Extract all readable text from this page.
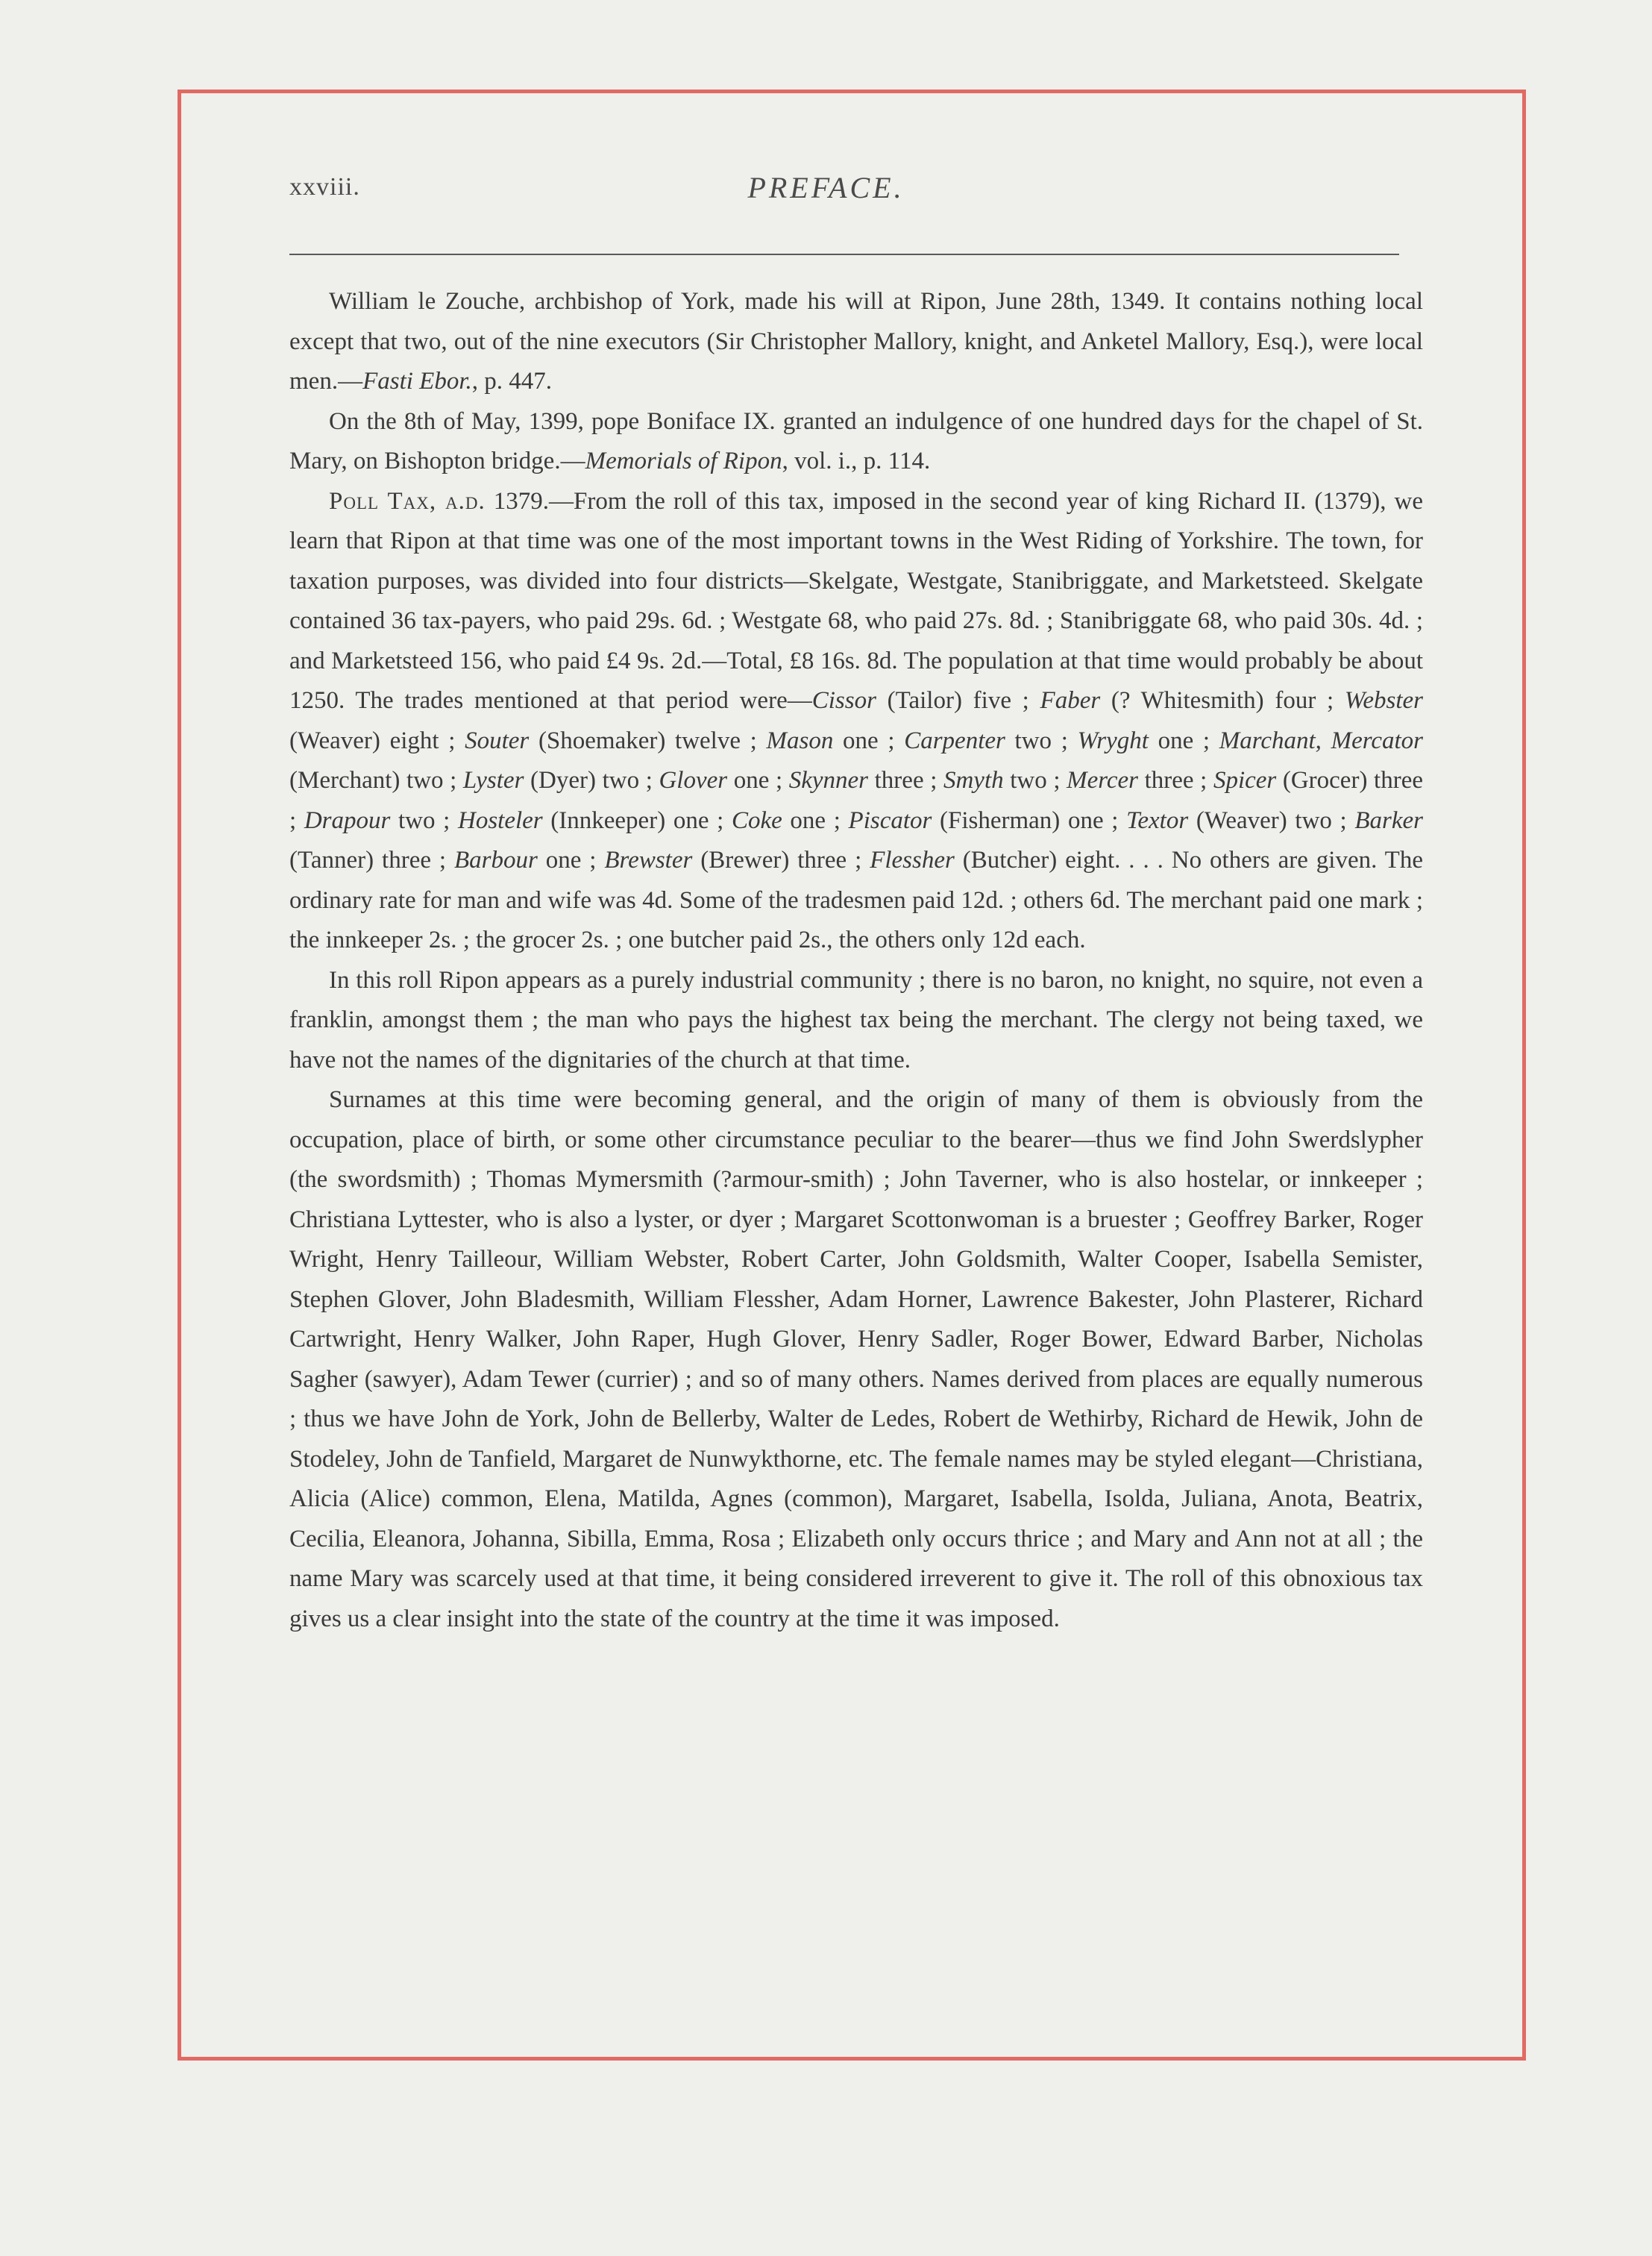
xxviii.	PREFACE.

William le Zouche, archbishop of York, made his will at Ripon, June 28th, 1349. It contains nothing local except that two, out of the nine executors (Sir Christopher Mallory, knight, and Anketel Mallory, Esq.), were local men.—Fasti Ebor., p. 447.

On the 8th of May, 1399, pope Boniface IX. granted an indulgence of one hundred days for the chapel of St. Mary, on Bishopton bridge.—Memorials of Ripon, vol. i., p. 114.

Poll Tax, a.d. 1379.—From the roll of this tax, imposed in the second year of king Richard II. (1379), we learn that Ripon at that time was one of the most important towns in the West Riding of Yorkshire. The town, for taxation purposes, was divided into four districts—Skelgate, Westgate, Stanibriggate, and Marketsteed. Skelgate contained 36 tax-payers, who paid 29s. 6d. ; Westgate 68, who paid 27s. 8d. ; Stanibriggate 68, who paid 30s. 4d. ; and Marketsteed 156, who paid £4 9s. 2d.—Total, £8 16s. 8d. The population at that time would probably be about 1250. The trades mentioned at that period were—Cissor (Tailor) five ; Faber (? Whitesmith) four ; Webster (Weaver) eight ; Souter (Shoemaker) twelve ; Mason one ; Carpenter two ; Wryght one ; Marchant, Mercator (Merchant) two ; Lyster (Dyer) two ; Glover one ; Skynner three ; Smyth two ; Mercer three ; Spicer (Grocer) three ; Drapour two ; Hosteler (Innkeeper) one ; Coke one ; Piscator (Fisherman) one ; Textor (Weaver) two ; Barker (Tanner) three ; Barbour one ; Brewster (Brewer) three ; Flessher (Butcher) eight. . . . No others are given. The ordinary rate for man and wife was 4d. Some of the tradesmen paid 12d. ; others 6d. The merchant paid one mark ; the innkeeper 2s. ; the grocer 2s. ; one butcher paid 2s., the others only 12d each.

In this roll Ripon appears as a purely industrial community ; there is no baron, no knight, no squire, not even a franklin, amongst them ; the man who pays the highest tax being the merchant. The clergy not being taxed, we have not the names of the dignitaries of the church at that time.

Surnames at this time were becoming general, and the origin of many of them is obviously from the occupation, place of birth, or some other circumstance peculiar to the bearer—thus we find John Swerdslypher (the swordsmith) ; Thomas Mymersmith (?armour-smith) ; John Taverner, who is also hostelar, or innkeeper ; Christiana Lyttester, who is also a lyster, or dyer ; Margaret Scottonwoman is a bruester ; Geoffrey Barker, Roger Wright, Henry Tailleour, William Webster, Robert Carter, John Goldsmith, Walter Cooper, Isabella Semister, Stephen Glover, John Bladesmith, William Flessher, Adam Horner, Lawrence Bakester, John Plasterer, Richard Cartwright, Henry Walker, John Raper, Hugh Glover, Henry Sadler, Roger Bower, Edward Barber, Nicholas Sagher (sawyer), Adam Tewer (currier) ; and so of many others. Names derived from places are equally numerous ; thus we have John de York, John de Bellerby, Walter de Ledes, Robert de Wethirby, Richard de Hewik, John de Stodeley, John de Tanfield, Margaret de Nunwykthorne, etc. The female names may be styled elegant—Christiana, Alicia (Alice) common, Elena, Matilda, Agnes (common), Margaret, Isabella, Isolda, Juliana, Anota, Beatrix, Cecilia, Eleanora, Johanna, Sibilla, Emma, Rosa ; Elizabeth only occurs thrice ; and Mary and Ann not at all ; the name Mary was scarcely used at that time, it being considered irreverent to give it. The roll of this obnoxious tax gives us a clear insight into the state of the country at the time it was imposed.
